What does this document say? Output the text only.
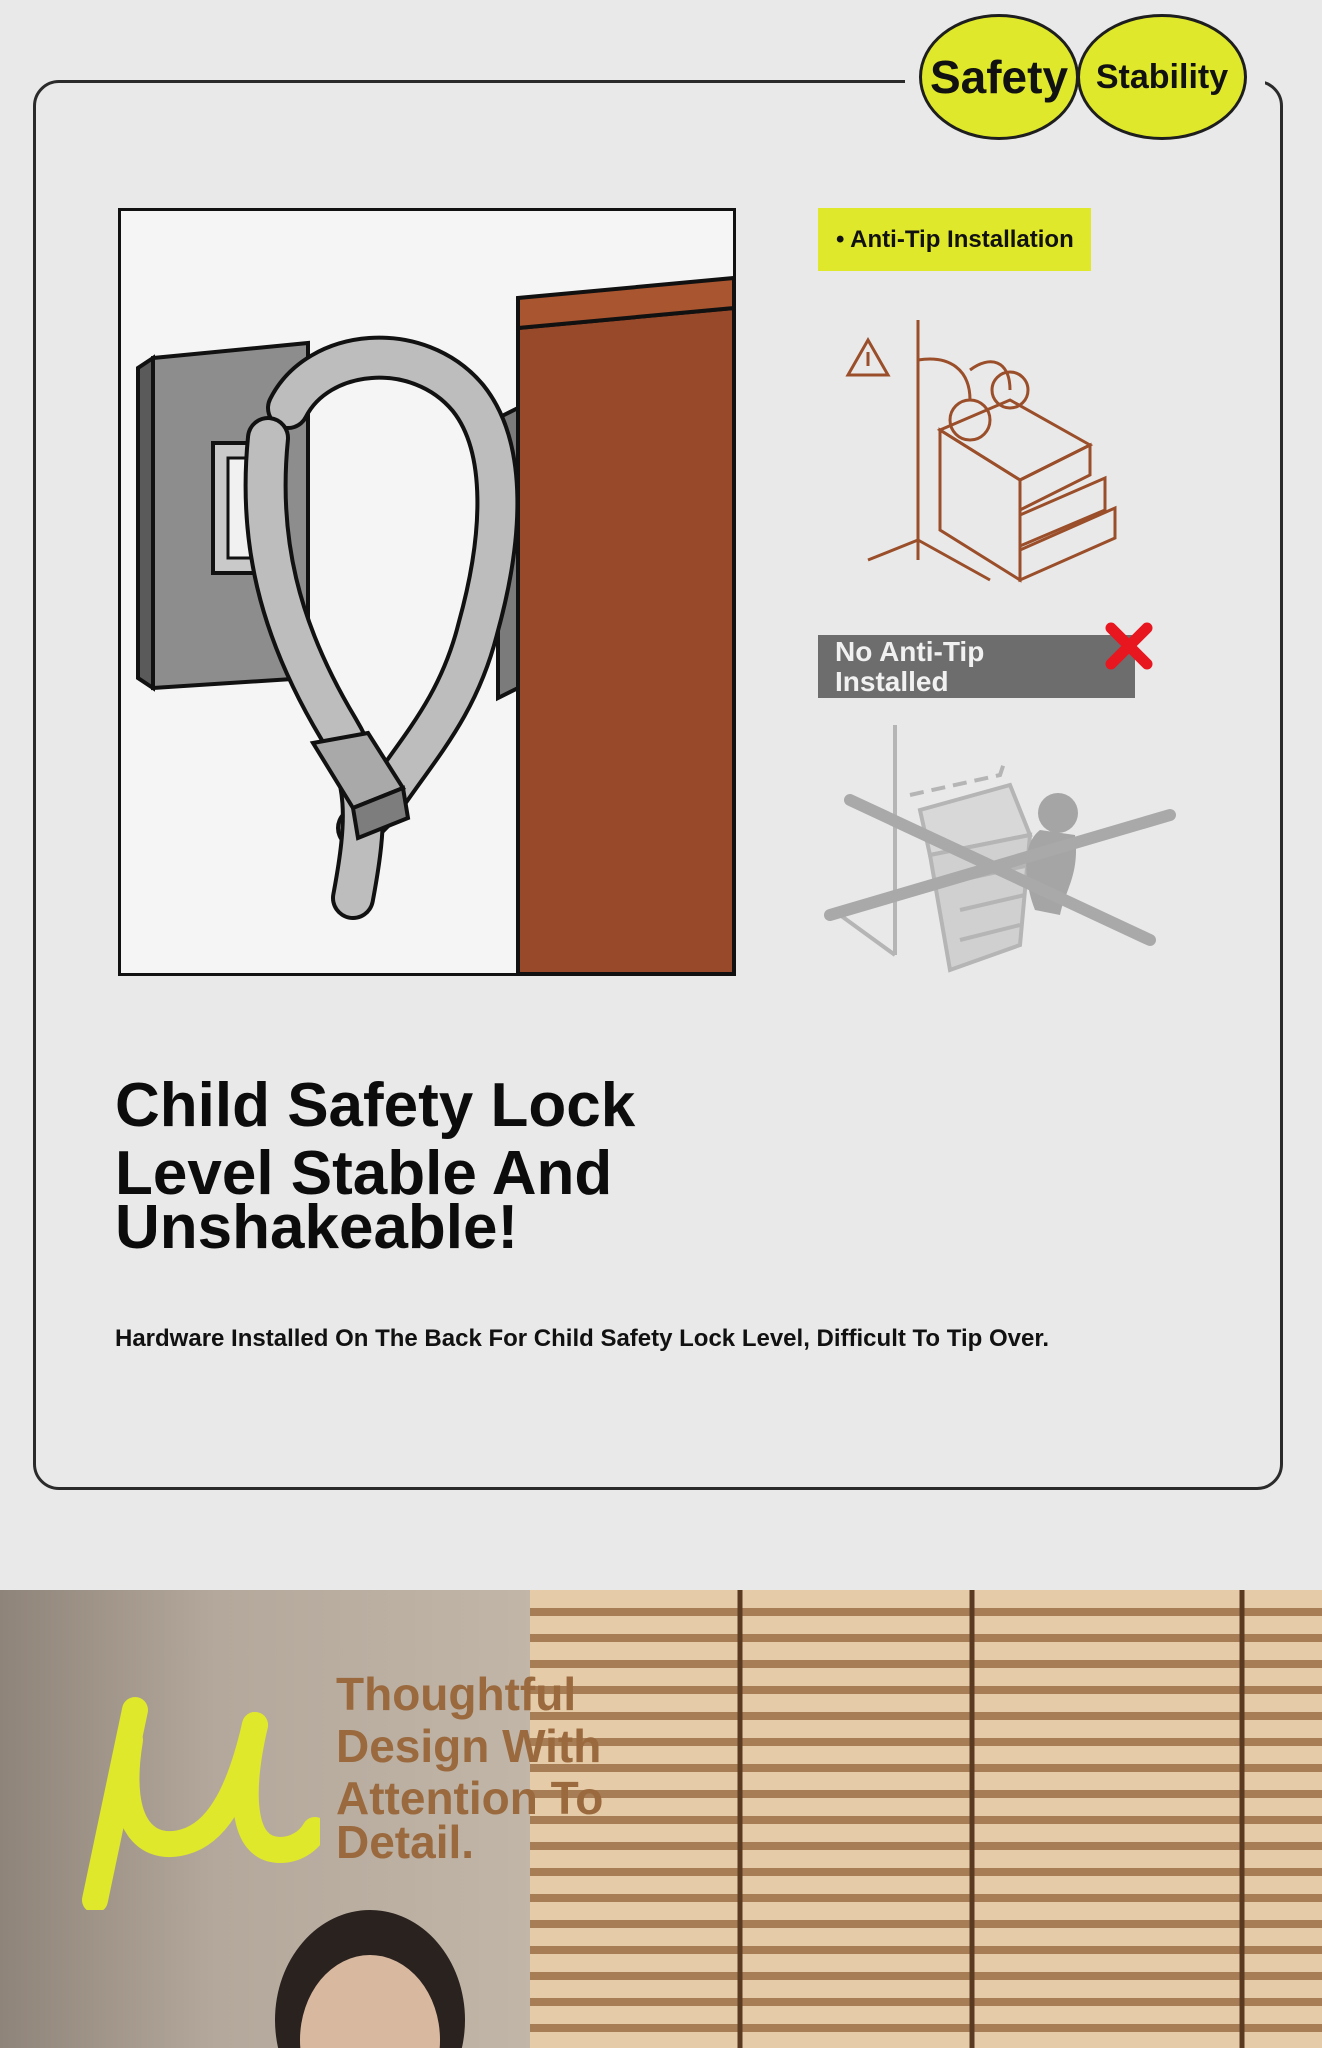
Safety Stability
• Anti-Tip Installation
No Anti-Tip
Installed
Child Safety Lock
Level Stable And
Unshakeable!
Hardware Installed On The Back For Child Safety Lock Level, Difficult To Tip Over.
Thoughtful
Design With
Attention To
Detail.
